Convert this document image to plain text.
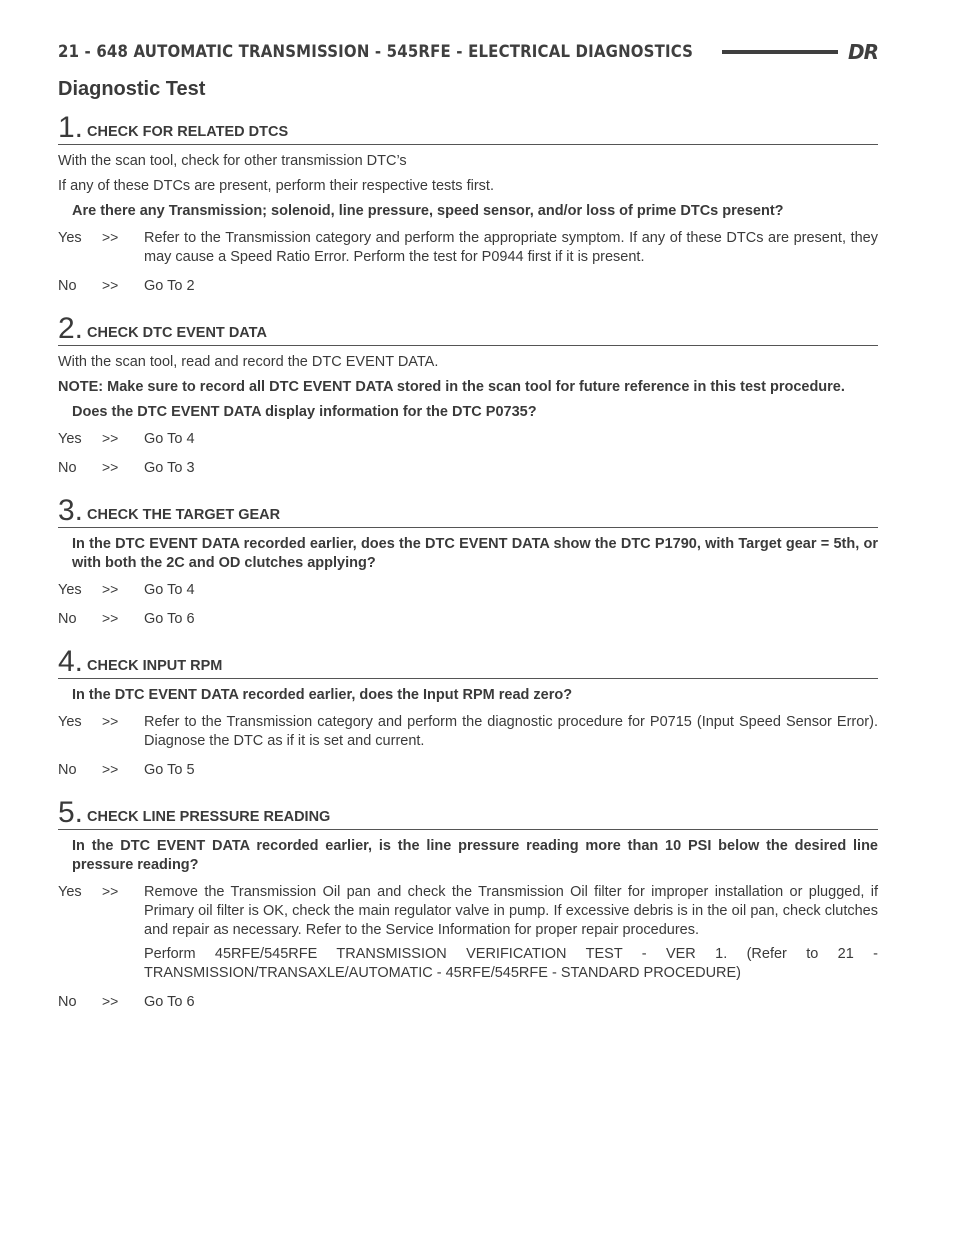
21 - 648 AUTOMATIC TRANSMISSION - 545RFE - ELECTRICAL DIAGNOSTICS	DR
Diagnostic Test
1. CHECK FOR RELATED DTCS

With the scan tool, check for other transmission DTC’s

If any of these DTCs are present, perform their respective tests first.

Are there any Transmission; solenoid, line pressure, speed sensor, and/or loss of prime DTCs present?

Yes	>>	Refer to the Transmission category and perform the appropriate symptom. If any of these DTCs are present, they may cause a Speed Ratio Error. Perform the test for P0944 first if it is present.

No	>>	Go To 2

2. CHECK DTC EVENT DATA

With the scan tool, read and record the DTC EVENT DATA.

NOTE: Make sure to record all DTC EVENT DATA stored in the scan tool for future reference in this test procedure.

Does the DTC EVENT DATA display information for the DTC P0735?

Yes	>>	Go To 4

No	>>	Go To 3

3. CHECK THE TARGET GEAR

In the DTC EVENT DATA recorded earlier, does the DTC EVENT DATA show the DTC P1790, with Target gear = 5th, or with both the 2C and OD clutches applying?

Yes	>>	Go To 4

No	>>	Go To 6

4. CHECK INPUT RPM

In the DTC EVENT DATA recorded earlier, does the Input RPM read zero?

Yes	>>	Refer to the Transmission category and perform the diagnostic procedure for P0715 (Input Speed Sensor Error). Diagnose the DTC as if it is set and current.

No	>>	Go To 5

5. CHECK LINE PRESSURE READING

In the DTC EVENT DATA recorded earlier, is the line pressure reading more than 10 PSI below the desired line pressure reading?

Yes	>>	Remove the Transmission Oil pan and check the Transmission Oil filter for improper installation or plugged, if Primary oil filter is OK, check the main regulator valve in pump. If excessive debris is in the oil pan, check clutches and repair as necessary. Refer to the Service Information for proper repair procedures.

Perform 45RFE/545RFE TRANSMISSION VERIFICATION TEST - VER 1. (Refer to 21 - TRANSMISSION/TRANSAXLE/AUTOMATIC - 45RFE/545RFE - STANDARD PROCEDURE)

No	>>	Go To 6
